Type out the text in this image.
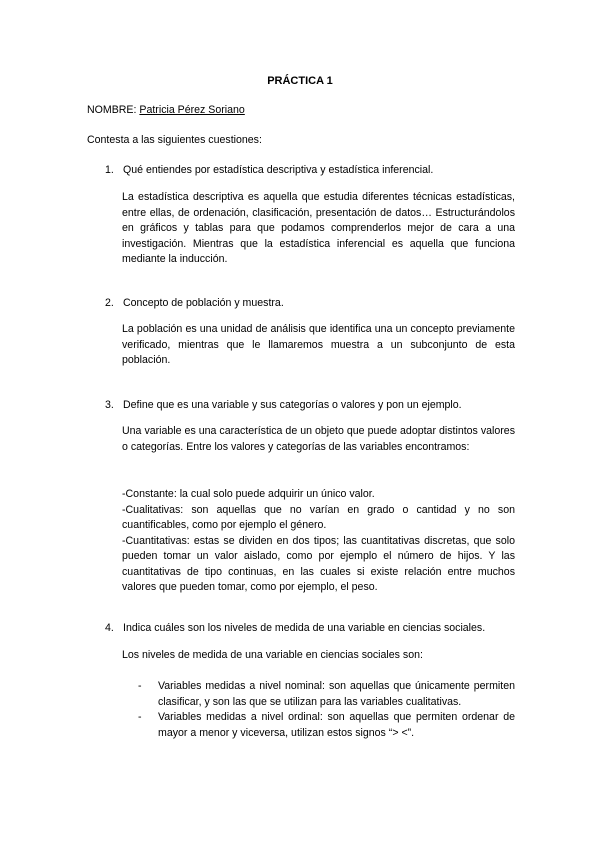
PRÁCTICA 1
NOMBRE: Patricia Pérez Soriano
Contesta a las siguientes cuestiones:
1. Qué entiendes por estadística descriptiva y estadística inferencial.

La estadística descriptiva es aquella que estudia diferentes técnicas estadísticas, entre ellas, de ordenación, clasificación, presentación de datos… Estructurándolos en gráficos y tablas para que podamos comprenderlos mejor de cara a una investigación. Mientras que la estadística inferencial es aquella que funciona mediante la inducción.

2. Concepto de población y muestra.

La población es una unidad de análisis que identifica una un concepto previamente verificado, mientras que le llamaremos muestra a un subconjunto de esta población.

3. Define que es una variable y sus categorías o valores y pon un ejemplo.

Una variable es una característica de un objeto que puede adoptar distintos valores o categorías. Entre los valores y categorías de las variables encontramos:

-Constante: la cual solo puede adquirir un único valor.
-Cualitativas: son aquellas que no varían en grado o cantidad y no son cuantificables, como por ejemplo el género.
-Cuantitativas: estas se dividen en dos tipos; las cuantitativas discretas, que solo pueden tomar un valor aislado, como por ejemplo el número de hijos. Y las cuantitativas de tipo continuas, en las cuales si existe relación entre muchos valores que pueden tomar, como por ejemplo, el peso.
4. Indica cuáles son los niveles de medida de una variable en ciencias sociales.

Los niveles de medida de una variable en ciencias sociales son:

- Variables medidas a nivel nominal: son aquellas que únicamente permiten clasificar, y son las que se utilizan para las variables cualitativas.
- Variables medidas a nivel ordinal: son aquellas que permiten ordenar de mayor a menor y viceversa, utilizan estos signos “> <”.
